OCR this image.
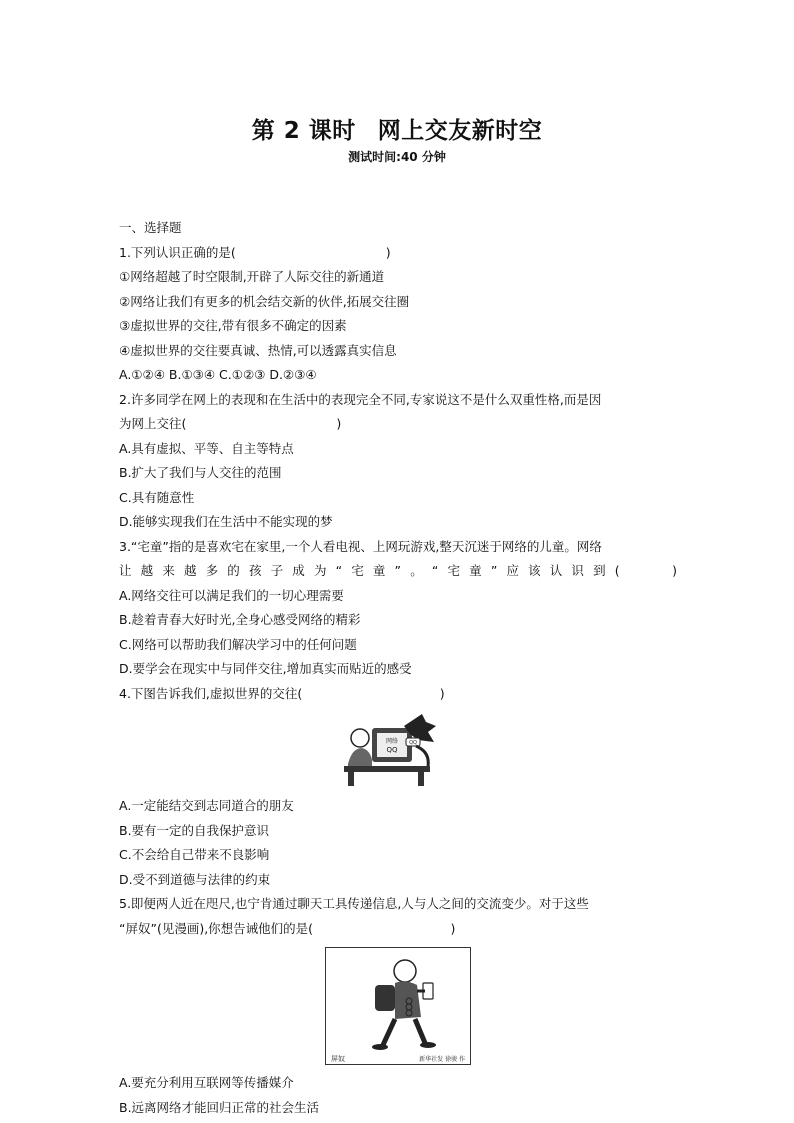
第 2 课时 网上交友新时空
测试时间:40 分钟
一、选择题
1.下列认识正确的是(　　　　　　　　　　　　)
①网络超越了时空限制,开辟了人际交往的新通道
②网络让我们有更多的机会结交新的伙伴,拓展交往圈
③虚拟世界的交往,带有很多不确定的因素
④虚拟世界的交往要真诚、热情,可以透露真实信息
A.①②④ B.①③④ C.①②③ D.②③④
2.许多同学在网上的表现和在生活中的表现完全不同,专家说这不是什么双重性格,而是因
为网上交往(　　　　　　　　　　　　)
A.具有虚拟、平等、自主等特点
B.扩大了我们与人交往的范围
C.具有随意性
D.能够实现我们在生活中不能实现的梦
3.“宅童”指的是喜欢宅在家里,一个人看电视、上网玩游戏,整天沉迷于网络的儿童。网络
让越来越多的孩子成为“宅童”。“宅童”应该认识到(　　)
A.网络交往可以满足我们的一切心理需要
B.趁着青春大好时光,全身心感受网络的精彩
C.网络可以帮助我们解决学习中的任何问题
D.要学会在现实中与同伴交往,增加真实而贴近的感受
4.下图告诉我们,虚拟世界的交往(　　　　　　　　　　　)
网络
QQ
QQ
A.一定能结交到志同道合的朋友
B.要有一定的自我保护意识
C.不会给自己带来不良影响
D.受不到道德与法律的约束
5.即便两人近在咫尺,也宁肯通过聊天工具传递信息,人与人之间的交流变少。对于这些
“屏奴”(见漫画),你想告诫他们的是(　　　　　　　　　　　)
屏奴	新华社发 徐骏 作
A.要充分利用互联网等传播媒介
B.远离网络才能回归正常的社会生活
